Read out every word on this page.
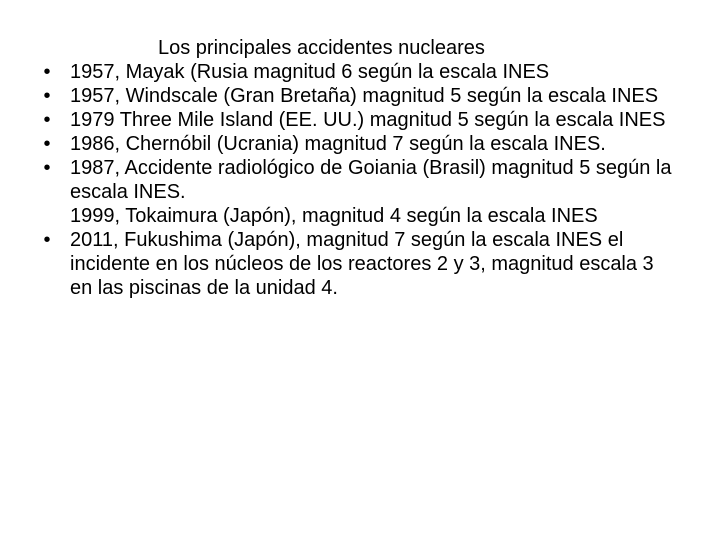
Los principales accidentes nucleares
• 1957, Mayak (Rusia magnitud 6 según la escala INES
• 1957, Windscale (Gran Bretaña) magnitud 5 según la escala INES
• 1979 Three Mile Island (EE. UU.) magnitud 5 según la escala INES
• 1986, Chernóbil (Ucrania) magnitud 7 según la escala INES.
• 1987, Accidente radiológico de Goiania (Brasil) magnitud 5 según la escala INES.
1999, Tokaimura (Japón), magnitud 4 según la escala INES
• 2011, Fukushima (Japón), magnitud 7 según la escala INES el incidente en los núcleos de los reactores 2 y 3, magnitud escala 3 en las piscinas de la unidad 4.
